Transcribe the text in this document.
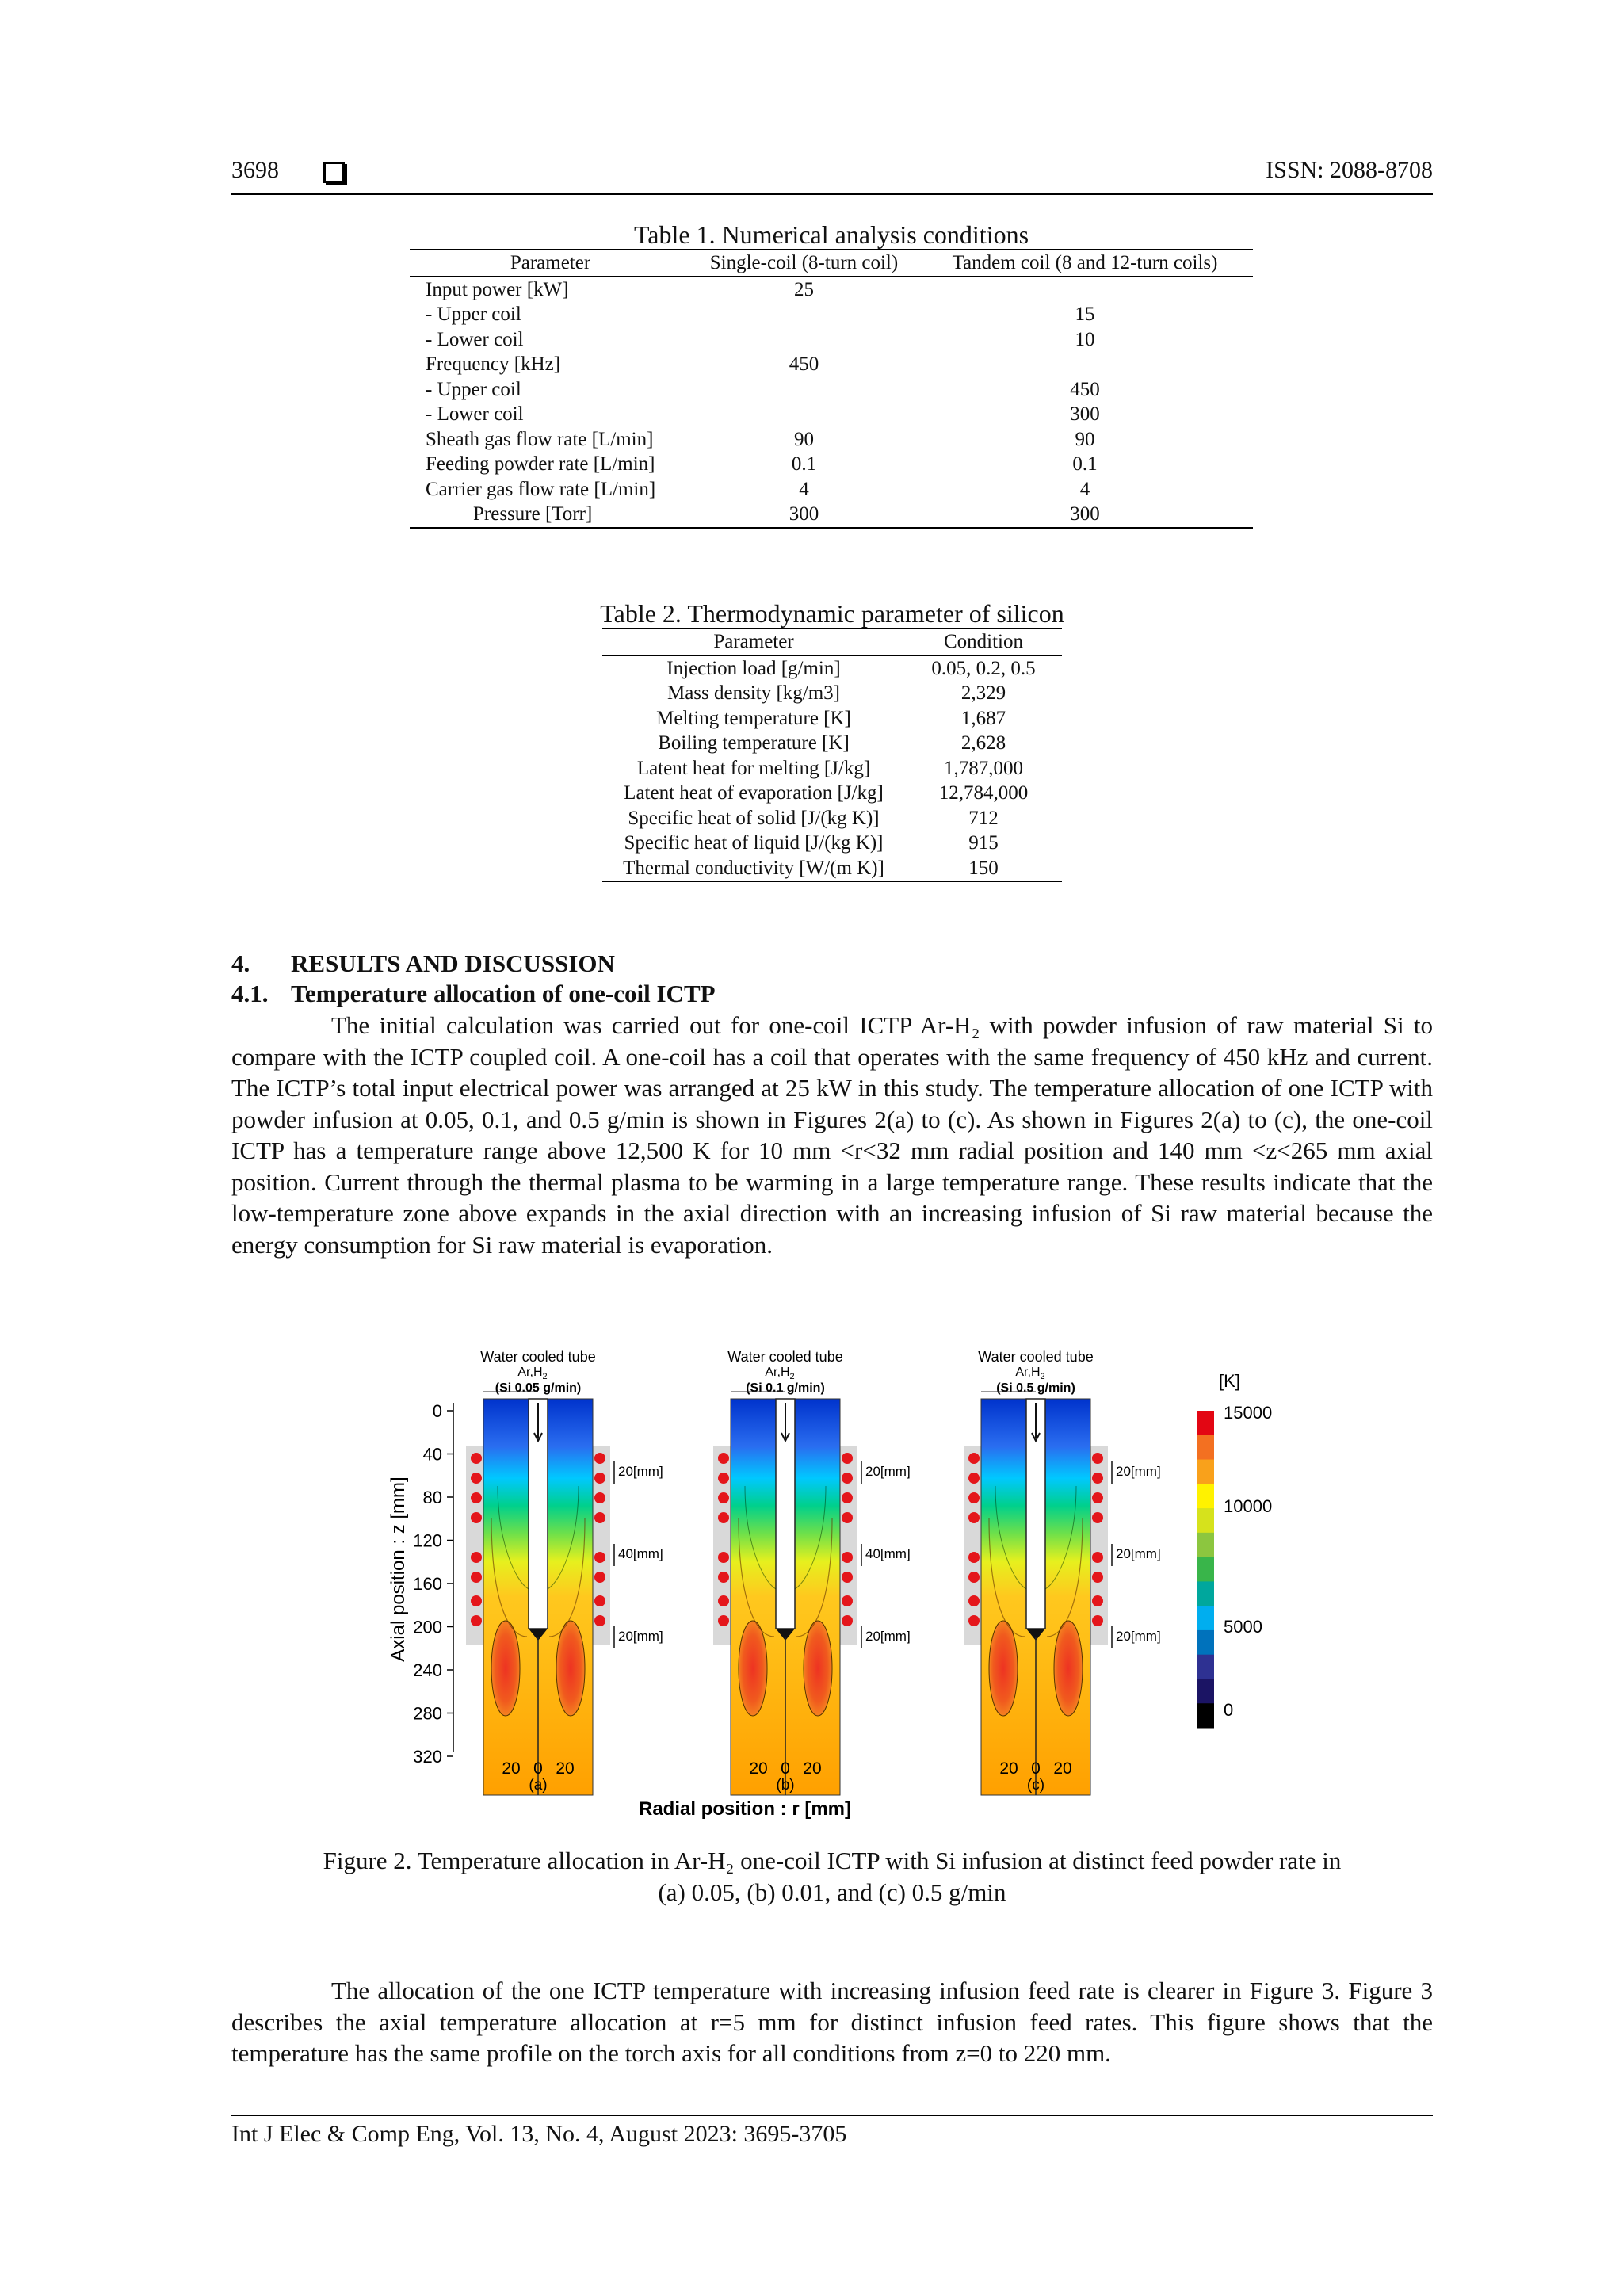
3698	ISSN: 2088-8708
Table 1. Numerical analysis conditions
Parameter	Single-coil (8-turn coil)	Tandem coil (8 and 12-turn coils)
Input power [kW]	25	
- Upper coil		15
- Lower coil		10
Frequency [kHz]	450	
- Upper coil		450
- Lower coil		300
Sheath gas flow rate [L/min]	90	90
Feeding powder rate [L/min]	0.1	0.1
Carrier gas flow rate [L/min]	4	4
Pressure [Torr]	300	300
Table 2. Thermodynamic parameter of silicon
Parameter	Condition
Injection load [g/min]	0.05, 0.2, 0.5
Mass density [kg/m3]	2,329
Melting temperature [K]	1,687
Boiling temperature [K]	2,628
Latent heat for melting [J/kg]	1,787,000
Latent heat of evaporation [J/kg]	12,784,000
Specific heat of solid [J/(kg K)]	712
Specific heat of liquid [J/(kg K)]	915
Thermal conductivity [W/(m K)]	150
4. RESULTS AND DISCUSSION
4.1. Temperature allocation of one-coil ICTP
The initial calculation was carried out for one-coil ICTP Ar-H₂ with powder infusion of raw material Si to compare with the ICTP coupled coil. A one-coil has a coil that operates with the same frequency of 450 kHz and current. The ICTP’s total input electrical power was arranged at 25 kW in this study. The temperature allocation of one ICTP with powder infusion at 0.05, 0.1, and 0.5 g/min is shown in Figures 2(a) to (c). As shown in Figures 2(a) to (c), the one-coil ICTP has a temperature range above 12,500 K for 10 mm <r<32 mm radial position and 140 mm <z<265 mm axial position. Current through the thermal plasma to be warming in a large temperature range. These results indicate that the low-temperature zone above expands in the axial direction with an increasing infusion of Si raw material because the energy consumption for Si raw material is evaporation.
Axial position : z [mm]
0
40
80
120
160
200
240
280
320
Water cooled tube
$Ar,H_2$
(Si 0.05 g/min)
20[mm]
40[mm]
20[mm]
20 0 20
(a)
Water cooled tube
$Ar,H_2$
(Si 0.1 g/min)
20[mm]
40[mm]
20[mm]
20 0 20
(b)
Water cooled tube
$Ar,H_2$
(Si 0.5 g/min)
20[mm]
20[mm]
20[mm]
20 0 20
(c)
Radial position : r [mm]
[K]
15000
10000
5000
0
Figure 2. Temperature allocation in Ar-H₂ one-coil ICTP with Si infusion at distinct feed powder rate in
(a) 0.05, (b) 0.01, and (c) 0.5 g/min
The allocation of the one ICTP temperature with increasing infusion feed rate is clearer in Figure 3. Figure 3 describes the axial temperature allocation at r=5 mm for distinct infusion feed rates. This figure shows that the temperature has the same profile on the torch axis for all conditions from z=0 to 220 mm.
Int J Elec & Comp Eng, Vol. 13, No. 4, August 2023: 3695-3705
